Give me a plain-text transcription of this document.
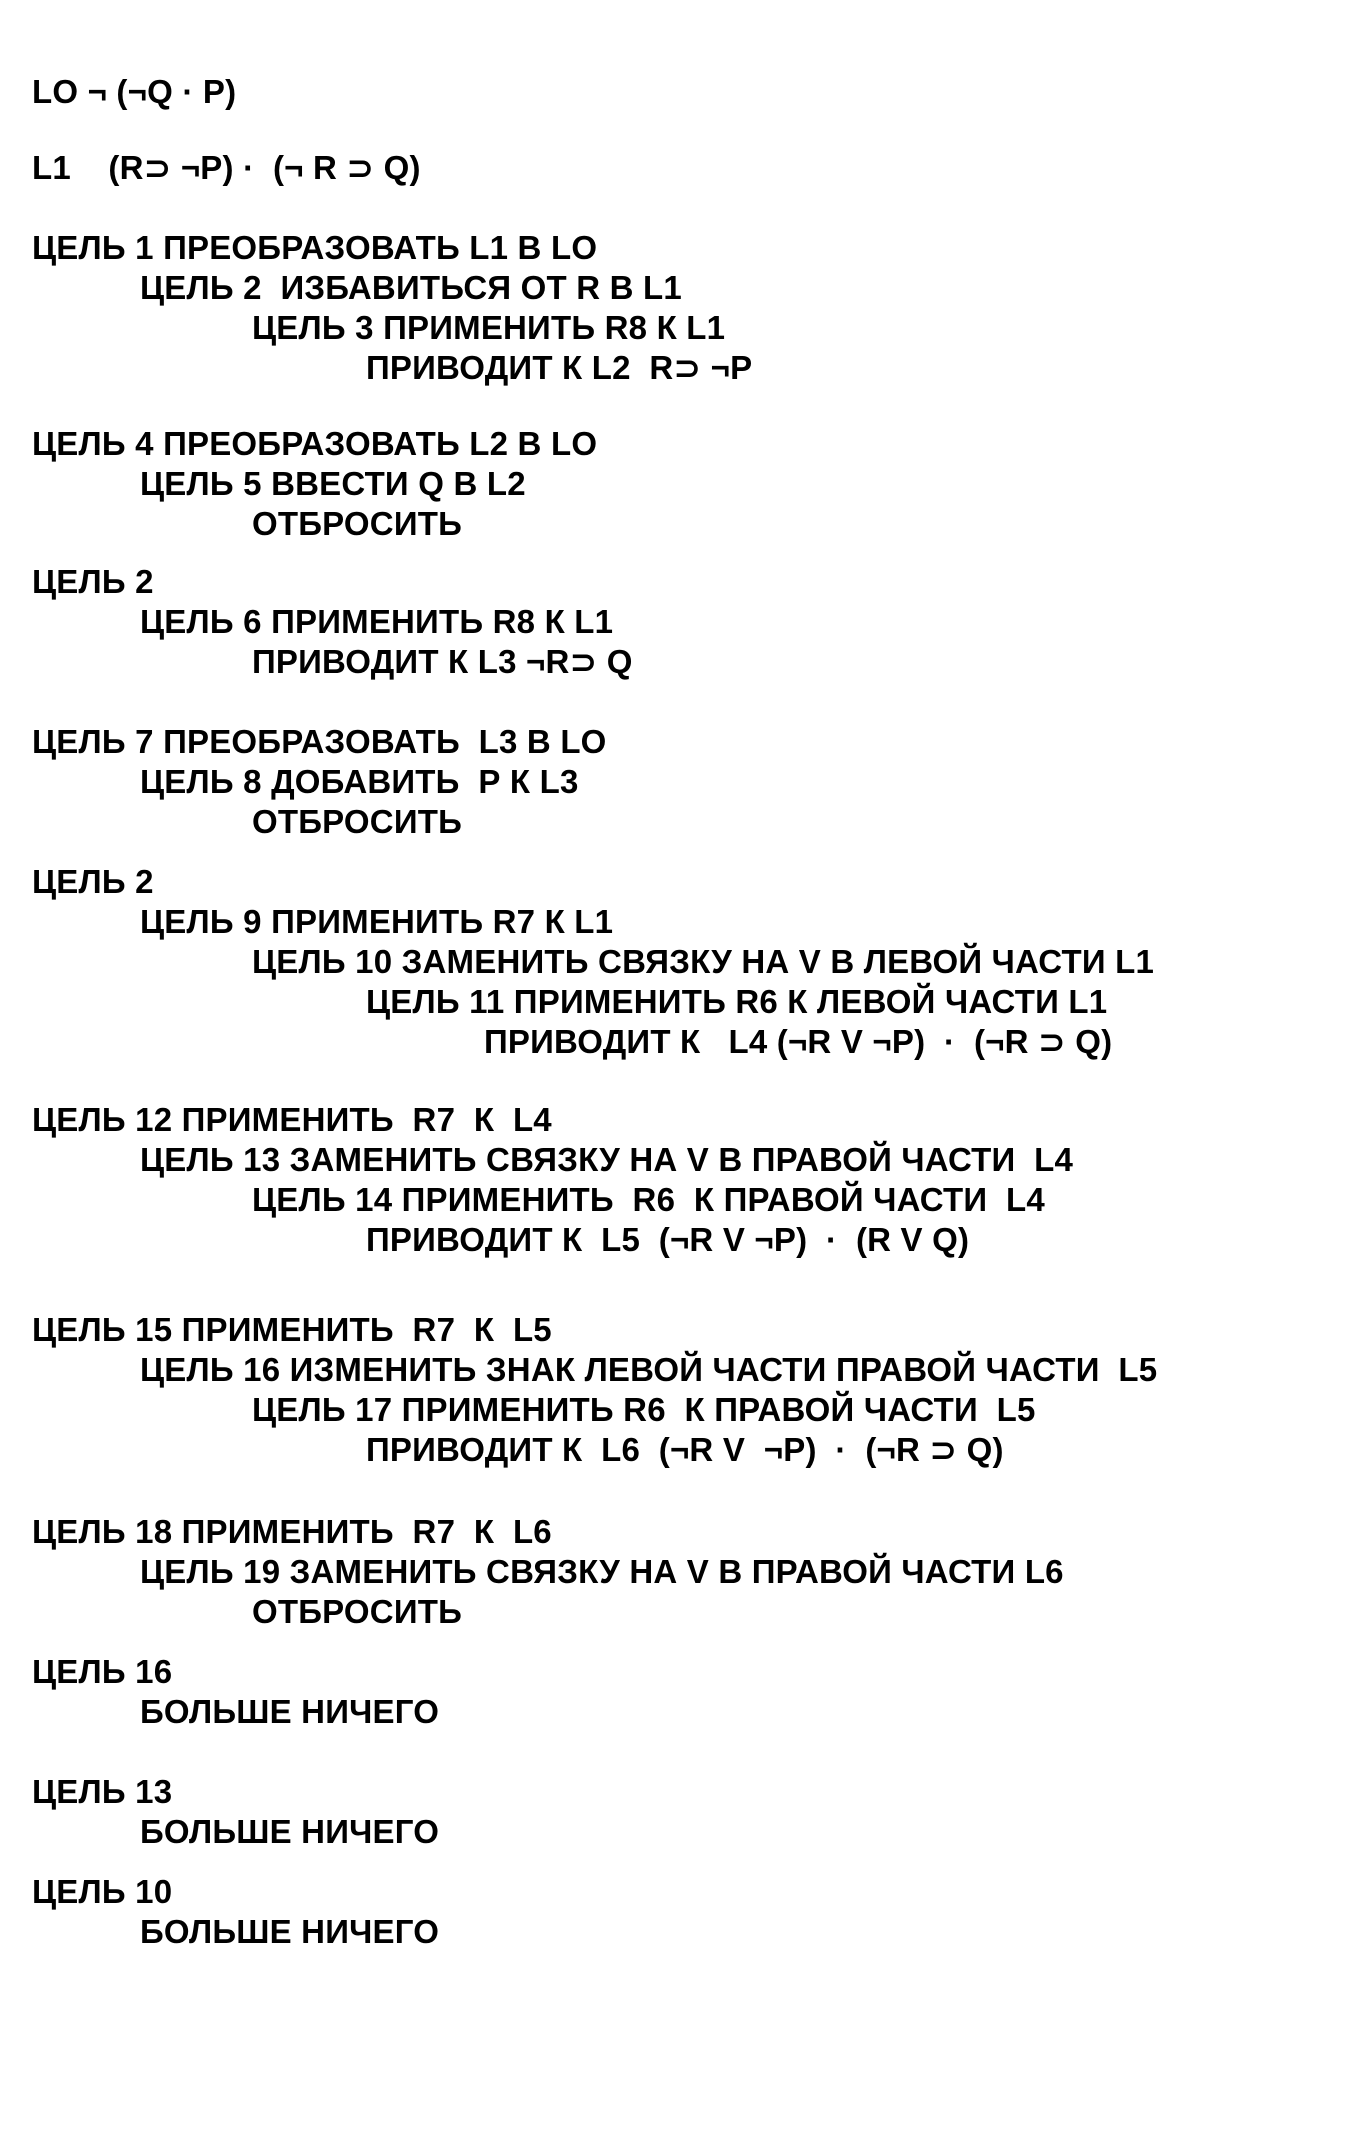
LO ¬ (¬Q · P)
L1    (R⊃ ¬P) ·  (¬ R ⊃ Q)
ЦЕЛЬ 1 ПРЕОБРАЗОВАТЬ L1 В LO
ЦЕЛЬ 2  ИЗБАВИТЬСЯ ОТ R В L1
ЦЕЛЬ 3 ПРИМЕНИТЬ R8 К L1
ПРИВОДИТ К L2  R⊃ ¬P
ЦЕЛЬ 4 ПРЕОБРАЗОВАТЬ L2 В LO
ЦЕЛЬ 5 ВВЕСТИ Q В L2
ОТБРОСИТЬ
ЦЕЛЬ 2
ЦЕЛЬ 6 ПРИМЕНИТЬ R8 К L1
ПРИВОДИТ К L3 ¬R⊃ Q
ЦЕЛЬ 7 ПРЕОБРАЗОВАТЬ  L3 В LO
ЦЕЛЬ 8 ДОБАВИТЬ  Р К L3
ОТБРОСИТЬ
ЦЕЛЬ 2
ЦЕЛЬ 9 ПРИМЕНИТЬ R7 К L1
ЦЕЛЬ 10 ЗАМЕНИТЬ СВЯЗКУ НА V В ЛЕВОЙ ЧАСТИ L1
ЦЕЛЬ 11 ПРИМЕНИТЬ R6 К ЛЕВОЙ ЧАСТИ L1
ПРИВОДИТ К   L4 (¬R V ¬P)  ·  (¬R ⊃ Q)
ЦЕЛЬ 12 ПРИМЕНИТЬ  R7  К  L4
ЦЕЛЬ 13 ЗАМЕНИТЬ СВЯЗКУ НА V В ПРАВОЙ ЧАСТИ  L4
ЦЕЛЬ 14 ПРИМЕНИТЬ  R6  К ПРАВОЙ ЧАСТИ  L4
ПРИВОДИТ К  L5  (¬R V ¬P)  ·  (R V Q)
ЦЕЛЬ 15 ПРИМЕНИТЬ  R7  К  L5
ЦЕЛЬ 16 ИЗМЕНИТЬ ЗНАК ЛЕВОЙ ЧАСТИ ПРАВОЙ ЧАСТИ  L5
ЦЕЛЬ 17 ПРИМЕНИТЬ R6  К ПРАВОЙ ЧАСТИ  L5
ПРИВОДИТ К  L6  (¬R V  ¬P)  ·  (¬R ⊃ Q)
ЦЕЛЬ 18 ПРИМЕНИТЬ  R7  К  L6
ЦЕЛЬ 19 ЗАМЕНИТЬ СВЯЗКУ НА V В ПРАВОЙ ЧАСТИ L6
ОТБРОСИТЬ
ЦЕЛЬ 16
БОЛЬШЕ НИЧЕГО
ЦЕЛЬ 13
БОЛЬШЕ НИЧЕГО
ЦЕЛЬ 10
БОЛЬШЕ НИЧЕГО
